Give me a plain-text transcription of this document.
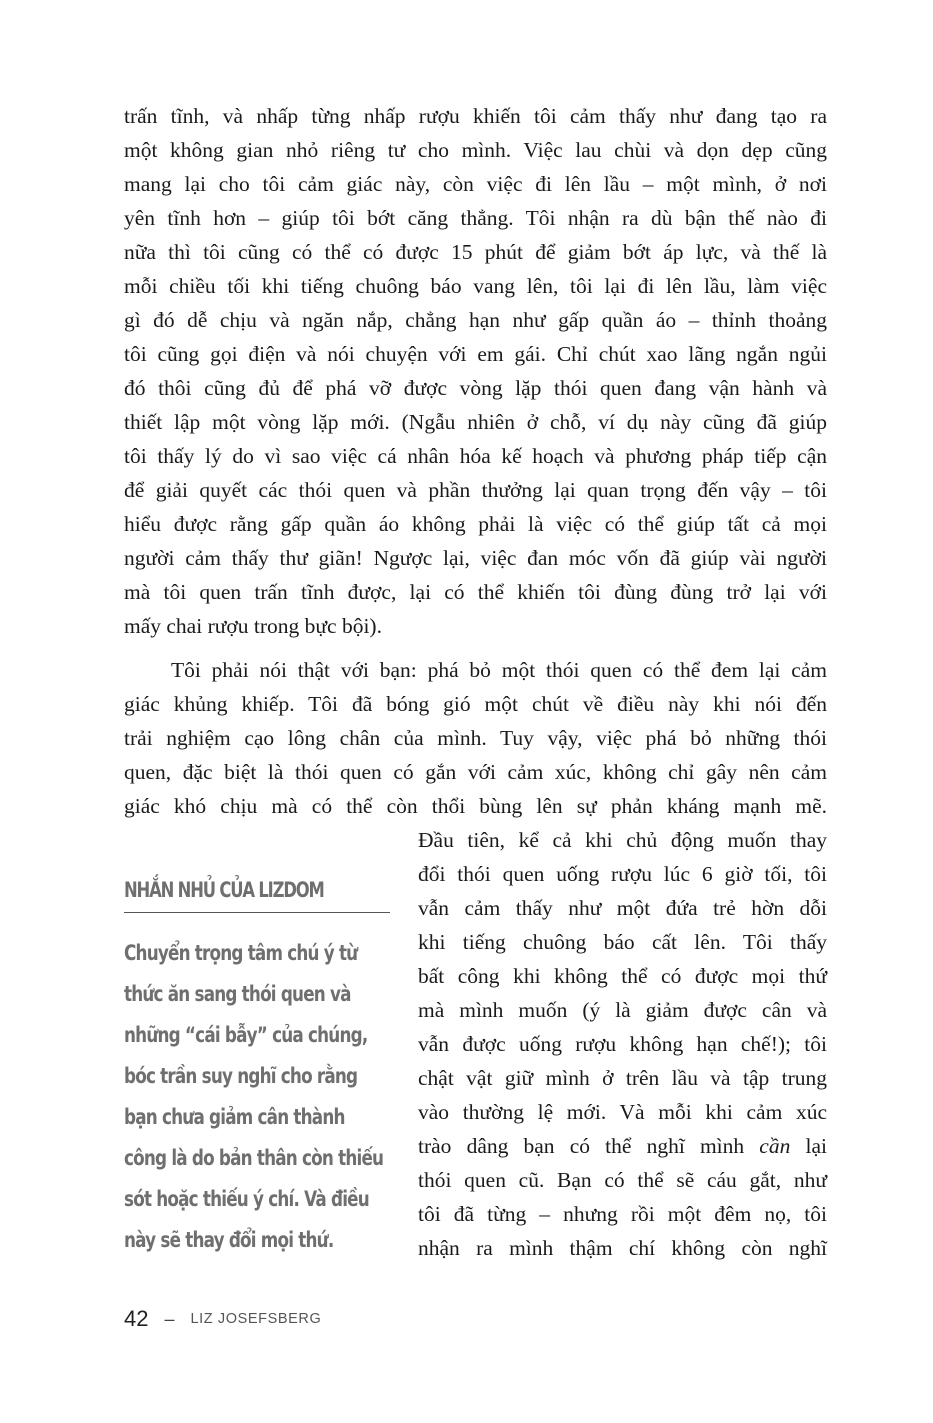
trấn tĩnh, và nhấp từng nhấp rượu khiến tôi cảm thấy như đang tạo ra
một không gian nhỏ riêng tư cho mình. Việc lau chùi và dọn dẹp cũng
mang lại cho tôi cảm giác này, còn việc đi lên lầu – một mình, ở nơi
yên tĩnh hơn – giúp tôi bớt căng thẳng. Tôi nhận ra dù bận thế nào đi
nữa thì tôi cũng có thể có được 15 phút để giảm bớt áp lực, và thế là
mỗi chiều tối khi tiếng chuông báo vang lên, tôi lại đi lên lầu, làm việc
gì đó dễ chịu và ngăn nắp, chẳng hạn như gấp quần áo – thỉnh thoảng
tôi cũng gọi điện và nói chuyện với em gái. Chỉ chút xao lãng ngắn ngủi
đó thôi cũng đủ để phá vỡ được vòng lặp thói quen đang vận hành và
thiết lập một vòng lặp mới. (Ngẫu nhiên ở chỗ, ví dụ này cũng đã giúp
tôi thấy lý do vì sao việc cá nhân hóa kế hoạch và phương pháp tiếp cận
để giải quyết các thói quen và phần thưởng lại quan trọng đến vậy – tôi
hiểu được rằng gấp quần áo không phải là việc có thể giúp tất cả mọi
người cảm thấy thư giãn! Ngược lại, việc đan móc vốn đã giúp vài người
mà tôi quen trấn tĩnh được, lại có thể khiến tôi đùng đùng trở lại với
mấy chai rượu trong bực bội).
Tôi phải nói thật với bạn: phá bỏ một thói quen có thể đem lại cảm
giác khủng khiếp. Tôi đã bóng gió một chút về điều này khi nói đến
trải nghiệm cạo lông chân của mình. Tuy vậy, việc phá bỏ những thói
quen, đặc biệt là thói quen có gắn với cảm xúc, không chỉ gây nên cảm
giác khó chịu mà có thể còn thổi bùng lên sự phản kháng mạnh mẽ.
Đầu tiên, kể cả khi chủ động muốn thay
đổi thói quen uống rượu lúc 6 giờ tối, tôi
vẫn cảm thấy như một đứa trẻ hờn dỗi
khi tiếng chuông báo cất lên. Tôi thấy
bất công khi không thể có được mọi thứ
mà mình muốn (ý là giảm được cân và
vẫn được uống rượu không hạn chế!); tôi
chật vật giữ mình ở trên lầu và tập trung
vào thường lệ mới. Và mỗi khi cảm xúc
trào dâng bạn có thể nghĩ mình cần lại
thói quen cũ. Bạn có thể sẽ cáu gắt, như
tôi đã từng – nhưng rồi một đêm nọ, tôi
nhận ra mình thậm chí không còn nghĩ
NHẮN NHỦ CỦA LIZDOM
Chuyển trọng tâm chú ý từ
thức ăn sang thói quen và
những “cái bẫy” của chúng,
bóc trần suy nghĩ cho rằng
bạn chưa giảm cân thành
công là do bản thân còn thiếu
sót hoặc thiếu ý chí. Và điều
này sẽ thay đổi mọi thứ.
42 – LIZ JOSEFSBERG
